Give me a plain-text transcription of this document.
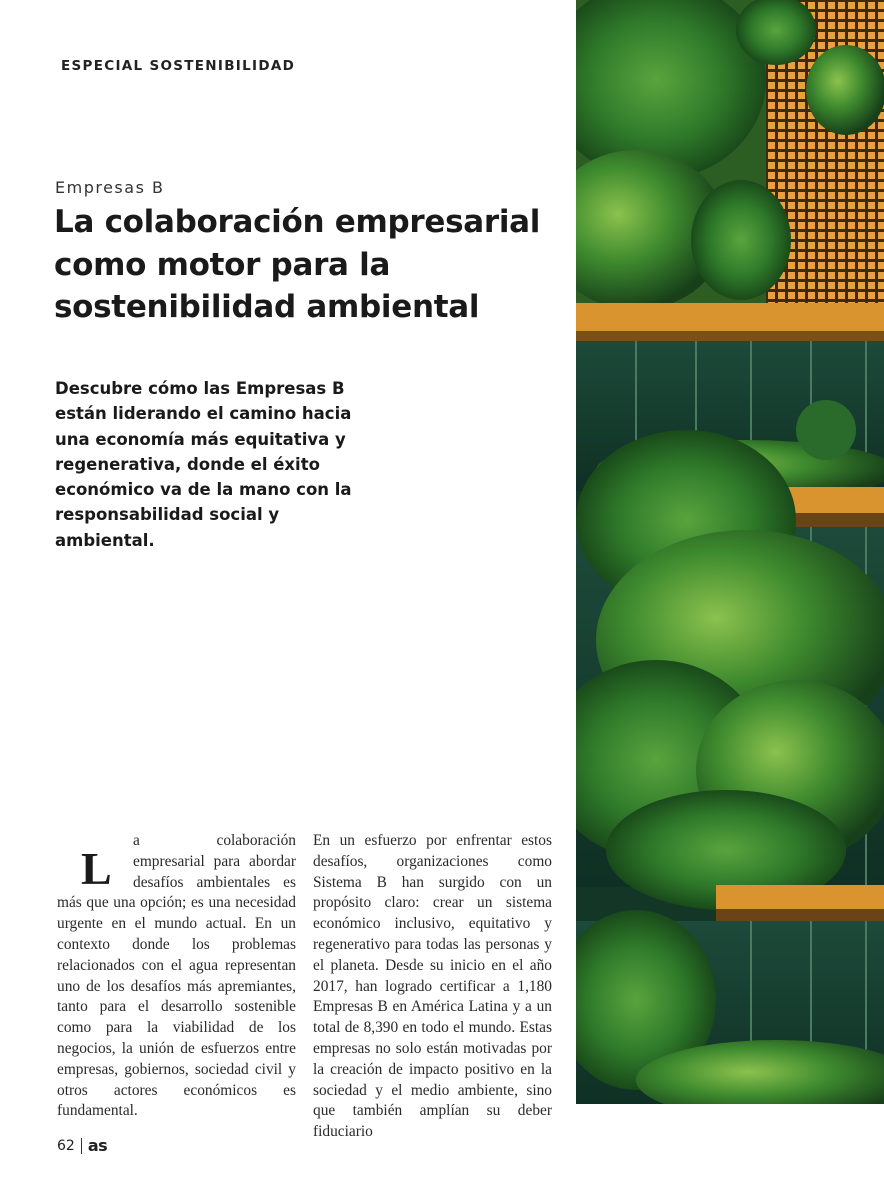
ESPECIAL SOSTENIBILIDAD
Empresas B
La colaboración empresarial como motor para la sostenibilidad ambiental

Descubre cómo las Empresas B están liderando el camino hacia una economía más equitativa y regenerativa, donde el éxito económico va de la mano con la responsabilidad social y ambiental.

L
a colaboración empresarial para abordar desafíos ambientales es más que una opción; es una necesidad urgente en el mundo actual. En un contexto donde los problemas relacionados con el agua representan uno de los desafíos más apremiantes, tanto para el desarrollo sostenible como para la viabilidad de los negocios, la unión de esfuerzos entre empresas, gobiernos, sociedad civil y otros actores económicos es fundamental.
En un esfuerzo por enfrentar estos desafíos, organizaciones como Sistema B han surgido con un propósito claro: crear un sistema económico inclusivo, equitativo y regenerativo para todas las personas y el planeta. Desde su inicio en el año 2017, han logrado certificar a 1,180 Empresas B en América Latina y a un total de 8,390 en todo el mundo. Estas empresas no solo están motivadas por la creación de impacto positivo en la sociedad y el medio ambiente, sino que también amplían su deber fiduciario
62 as
